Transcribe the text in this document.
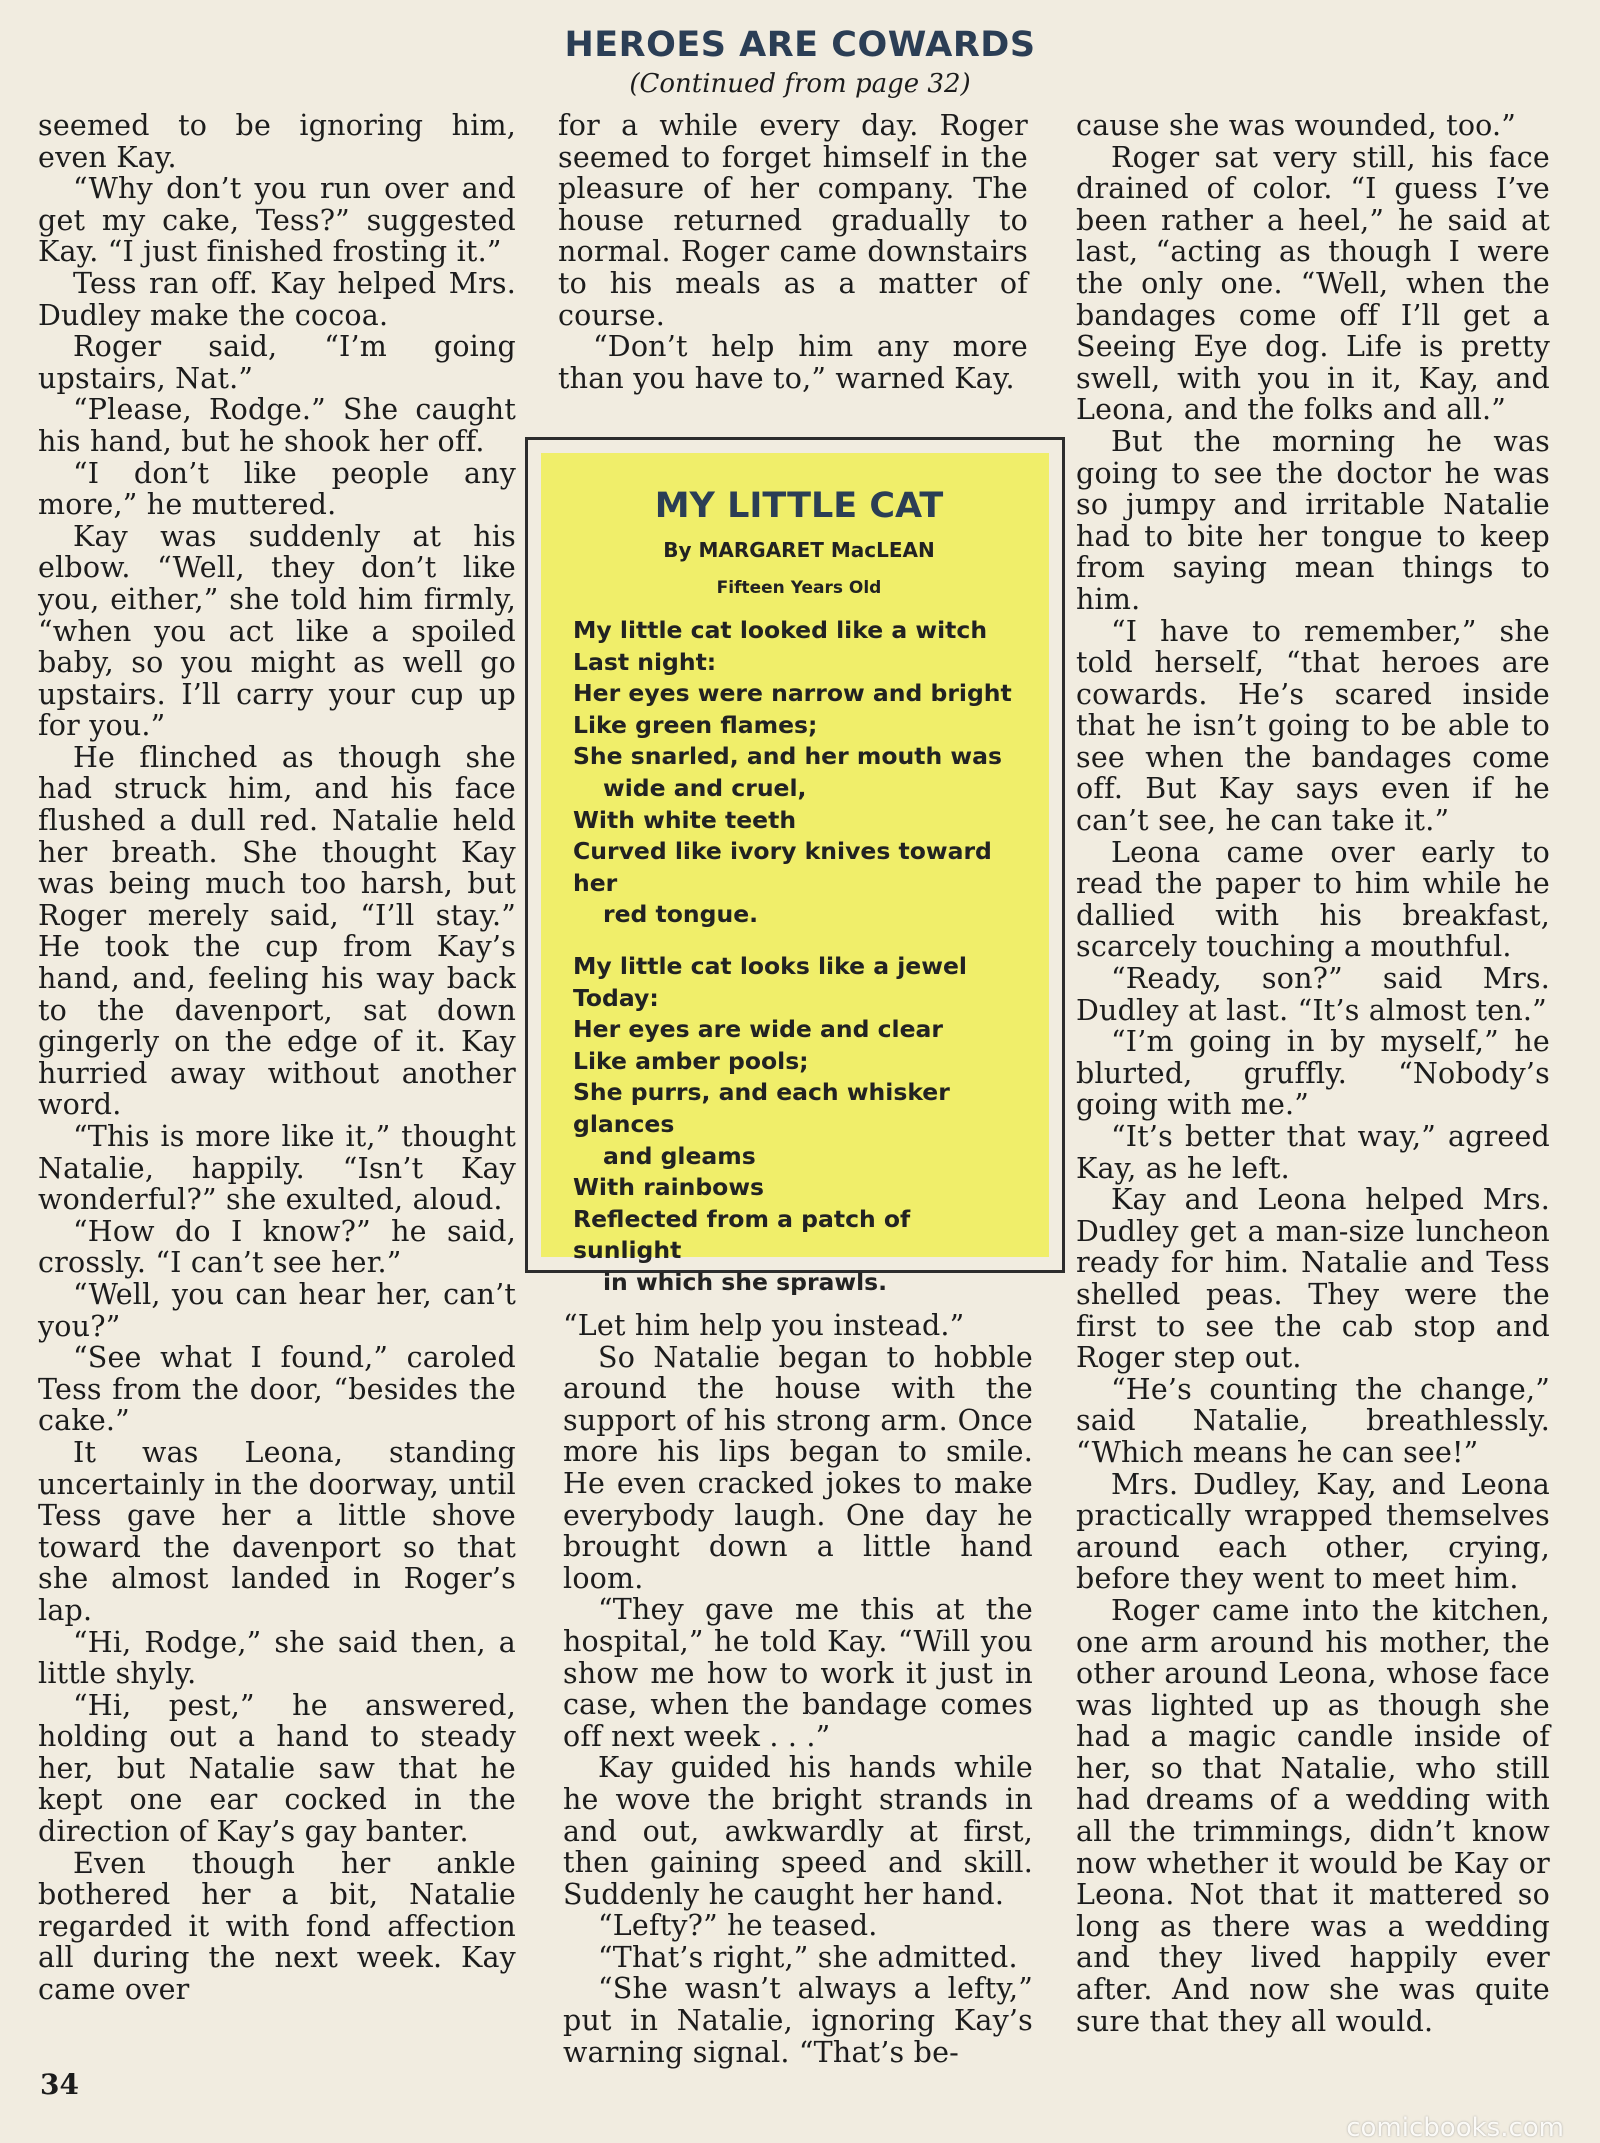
HEROES ARE COWARDS
(Continued from page 32)

seemed to be ignoring him, even Kay.

“Why don’t you run over and get my cake, Tess?” suggested Kay. “I just finished frosting it.”

Tess ran off. Kay helped Mrs. Dudley make the cocoa.

Roger said, “I’m going upstairs, Nat.”

“Please, Rodge.” She caught his hand, but he shook her off.

“I don’t like people any more,” he muttered.

Kay was suddenly at his elbow. “Well, they don’t like you, either,” she told him firmly, “when you act like a spoiled baby, so you might as well go upstairs. I’ll carry your cup up for you.”

He flinched as though she had struck him, and his face flushed a dull red. Natalie held her breath. She thought Kay was being much too harsh, but Roger merely said, “I’ll stay.” He took the cup from Kay’s hand, and, feeling his way back to the davenport, sat down gingerly on the edge of it. Kay hurried away without another word.

“This is more like it,” thought Natalie, happily. “Isn’t Kay wonderful?” she exulted, aloud.

“How do I know?” he said, crossly. “I can’t see her.”

“Well, you can hear her, can’t you?”

“See what I found,” caroled Tess from the door, “besides the cake.”

It was Leona, standing uncertainly in the doorway, until Tess gave her a little shove toward the davenport so that she almost landed in Roger’s lap.

“Hi, Rodge,” she said then, a little shyly.

“Hi, pest,” he answered, holding out a hand to steady her, but Natalie saw that he kept one ear cocked in the direction of Kay’s gay banter.

Even though her ankle bothered her a bit, Natalie regarded it with fond affection all during the next week. Kay came over

for a while every day. Roger seemed to forget himself in the pleasure of her company. The house returned gradually to normal. Roger came downstairs to his meals as a matter of course.

“Don’t help him any more than you have to,” warned Kay.

“Let him help you instead.”

So Natalie began to hobble around the house with the support of his strong arm. Once more his lips began to smile. He even cracked jokes to make everybody laugh. One day he brought down a little hand loom.

“They gave me this at the hospital,” he told Kay. “Will you show me how to work it just in case, when the bandage comes off next week . . .”

Kay guided his hands while he wove the bright strands in and out, awkwardly at first, then gaining speed and skill. Suddenly he caught her hand.

“Lefty?” he teased.

“That’s right,” she admitted.

“She wasn’t always a lefty,” put in Natalie, ignoring Kay’s warning signal. “That’s be-

cause she was wounded, too.”

Roger sat very still, his face drained of color. “I guess I’ve been rather a heel,” he said at last, “acting as though I were the only one. “Well, when the bandages come off I’ll get a Seeing Eye dog. Life is pretty swell, with you in it, Kay, and Leona, and the folks and all.”

But the morning he was going to see the doctor he was so jumpy and irritable Natalie had to bite her tongue to keep from saying mean things to him.

“I have to remember,” she told herself, “that heroes are cowards. He’s scared inside that he isn’t going to be able to see when the bandages come off. But Kay says even if he can’t see, he can take it.”

Leona came over early to read the paper to him while he dallied with his breakfast, scarcely touching a mouthful.

“Ready, son?” said Mrs. Dudley at last. “It’s almost ten.”

“I’m going in by myself,” he blurted, gruffly. “Nobody’s going with me.”

“It’s better that way,” agreed Kay, as he left.

Kay and Leona helped Mrs. Dudley get a man-size luncheon ready for him. Natalie and Tess shelled peas. They were the first to see the cab stop and Roger step out.

“He’s counting the change,” said Natalie, breathlessly. “Which means he can see!”

Mrs. Dudley, Kay, and Leona practically wrapped themselves around each other, crying, before they went to meet him.

Roger came into the kitchen, one arm around his mother, the other around Leona, whose face was lighted up as though she had a magic candle inside of her, so that Natalie, who still had dreams of a wedding with all the trimmings, didn’t know now whether it would be Kay or Leona. Not that it mattered so long as there was a wedding and they lived happily ever after. And now she was quite sure that they all would.

MY LITTLE CAT
By MARGARET MacLEAN
Fifteen Years Old
My little cat looked like a witch
Last night:
Her eyes were narrow and bright
Like green flames;
She snarled, and her mouth was
wide and cruel,
With white teeth
Curved like ivory knives toward her
red tongue.
My little cat looks like a jewel
Today:
Her eyes are wide and clear
Like amber pools;
She purrs, and each whisker glances
and gleams
With rainbows
Reflected from a patch of sunlight
in which she sprawls.
34
comicbooks.com
